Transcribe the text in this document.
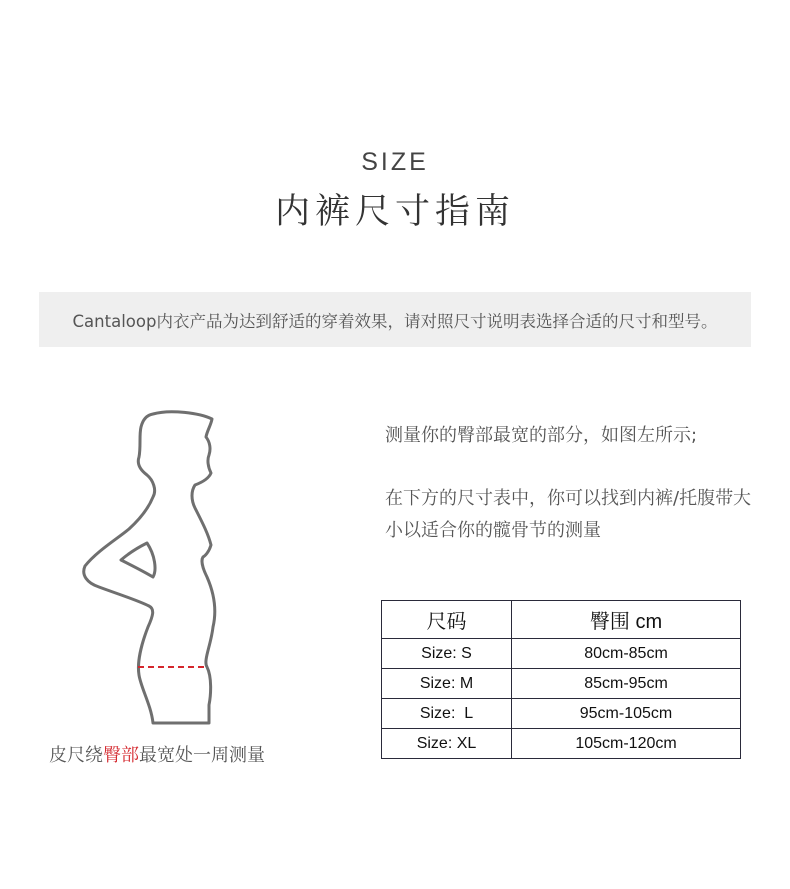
SIZE
内裤尺寸指南
Cantaloop内衣产品为达到舒适的穿着效果，请对照尺寸说明表选择合适的尺寸和型号。
皮尺绕臀部最宽处一周测量
测量你的臀部最宽的部分，如图左所示;
在下方的尺寸表中，你可以找到内裤/托腹带大小以适合你的髋骨节的测量
尺码	臀围 cm
Size: S	80cm-85cm
Size: M	85cm-95cm
Size:  L	95cm-105cm
Size: XL	105cm-120cm
